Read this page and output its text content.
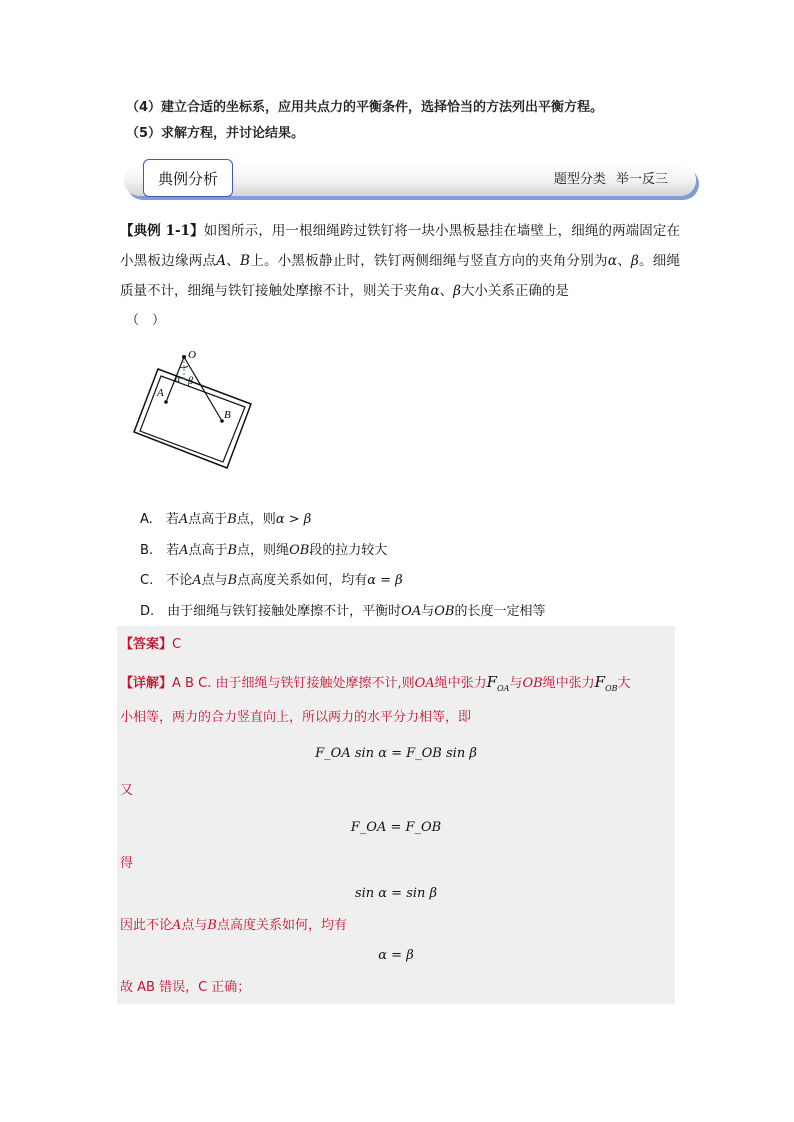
（4）建立合适的坐标系，应用共点力的平衡条件，选择恰当的方法列出平衡方程。
（5）求解方程，并讨论结果。
典例分析	题型分类 举一反三
【典例 1-1】如图所示，用一根细绳跨过铁钉将一块小黑板悬挂在墙壁上，细绳的两端固定在小黑板边缘两点A、B上。小黑板静止时，铁钉两侧细绳与竖直方向的夹角分别为α、β。细绳质量不计，细绳与铁钉接触处摩擦不计，则关于夹角α、β大小关系正确的是
（　）
O
A
B
α β
A.  若A点高于B点，则α > β
B.  若A点高于B点，则绳OB段的拉力较大
C.  不论A点与B点高度关系如何，均有α = β
D.  由于细绳与铁钉接触处摩擦不计，平衡时OA与OB的长度一定相等
【答案】C
【详解】A B C. 由于细绳与铁钉接触处摩擦不计,则OA绳中张力$F_{OA}$与OB绳中张力$F_{OB}$大
小相等，两力的合力竖直向上，所以两力的水平分力相等，即
F_OA sin α = F_OB sin β
又
F_OA = F_OB
得
sin α = sin β
因此不论A点与B点高度关系如何，均有
α = β
故 AB 错误，C 正确；
